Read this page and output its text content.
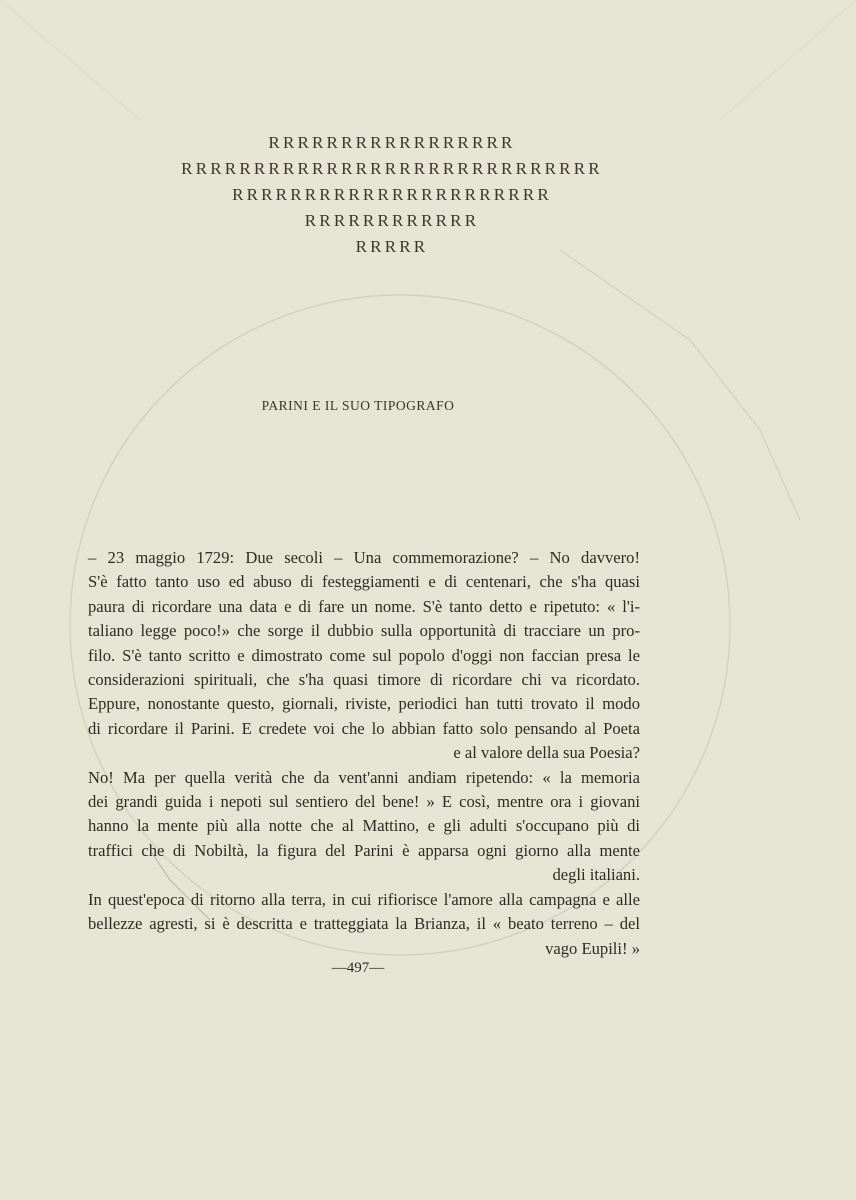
RRRRRRRRRRRRRRRRR
RRRRRRRRRRRRRRRRRRRRRRRRRRRRR
RRRRRRRRRRRRRRRRRRRRRR
RRRRRRRRRRRR
RRRRR
PARINI E IL SUO TIPOGRAFO
– 23 maggio 1729: Due secoli – Una commemorazione? – No davvero!
S'è fatto tanto uso ed abuso di festeggiamenti e di centenari, che s'ha quasi
paura di ricordare una data e di fare un nome. S'è tanto detto e ripetuto: « l'i-
taliano legge poco!» che sorge il dubbio sulla opportunità di tracciare un pro-
filo. S'è tanto scritto e dimostrato come sul popolo d'oggi non faccian presa le
considerazioni spirituali, che s'ha quasi timore di ricordare chi va ricordato.
Eppure, nonostante questo, giornali, riviste, periodici han tutti trovato il modo
di ricordare il Parini. E credete voi che lo abbian fatto solo pensando al Poeta
e al valore della sua Poesia?
No! Ma per quella verità che da vent'anni andiam ripetendo: « la memoria
dei grandi guida i nepoti sul sentiero del bene! » E così, mentre ora i giovani
hanno la mente più alla notte che al Mattino, e gli adulti s'occupano più di
traffici che di Nobiltà, la figura del Parini è apparsa ogni giorno alla mente
degli italiani.
In quest'epoca di ritorno alla terra, in cui rifiorisce l'amore alla campagna e alle
bellezze agresti, si è descritta e tratteggiata la Brianza, il « beato terreno – del
vago Eupili! »
—497—
